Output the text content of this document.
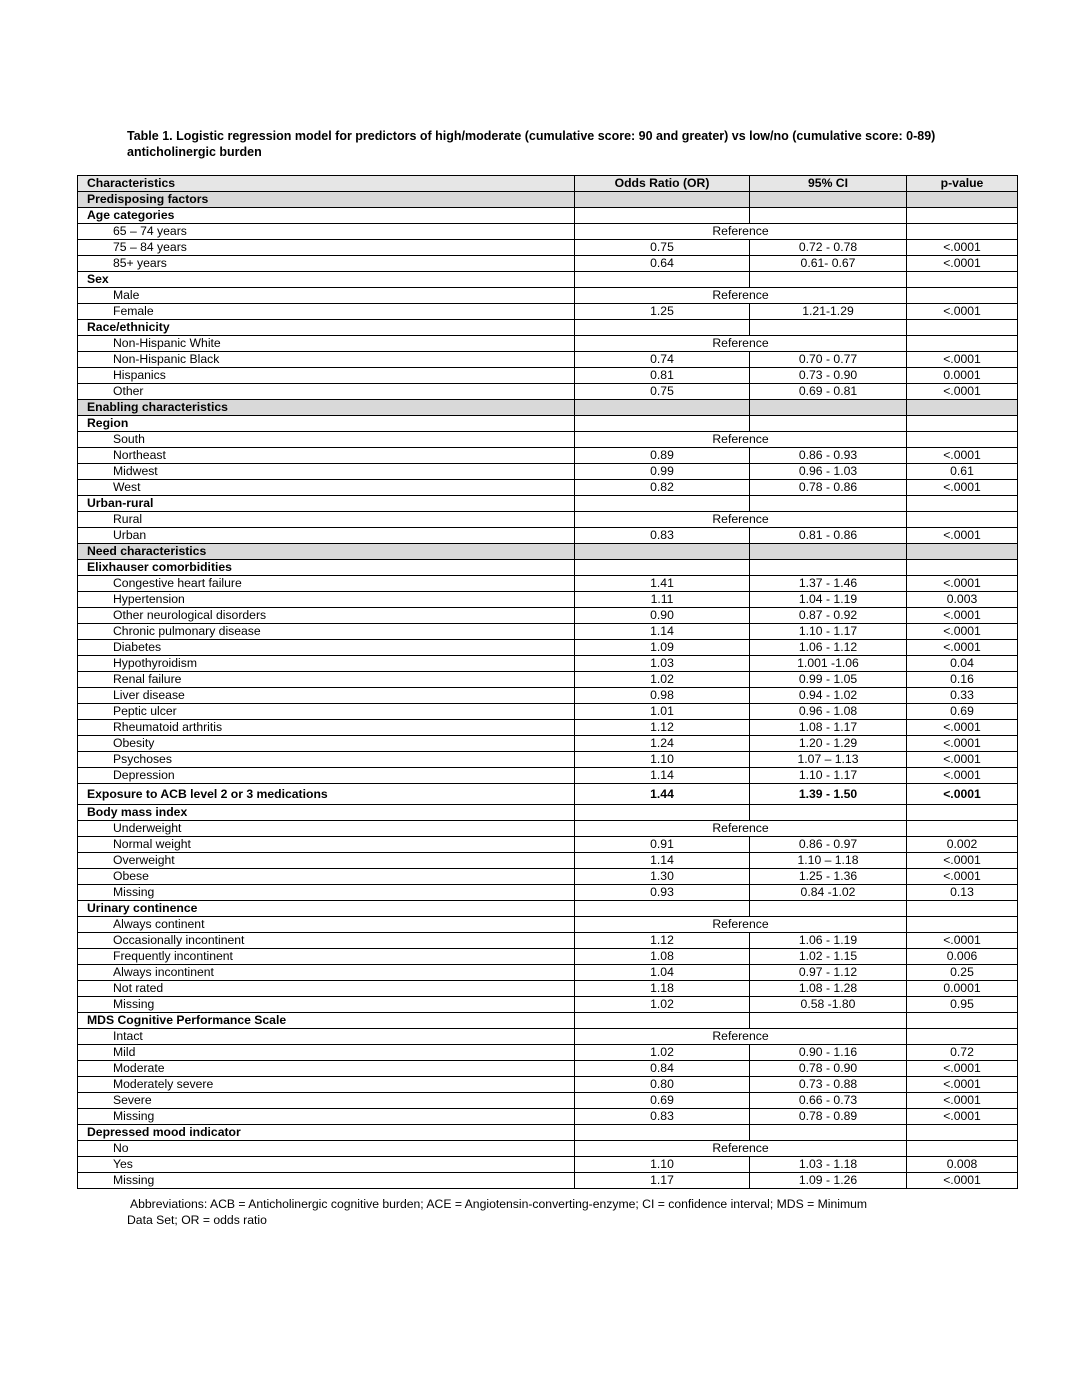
Table 1. Logistic regression model for predictors of high/moderate (cumulative score: 90 and greater) vs low/no (cumulative score: 0-89) anticholinergic burden
Characteristics	Odds Ratio (OR)	95% CI	p-value
Predisposing factors			
Age categories			
65 – 74 years	Reference		
75 – 84 years	0.75	0.72 - 0.78	<.0001
85+ years	0.64	0.61- 0.67	<.0001
Sex			
Male	Reference		
Female	1.25	1.21-1.29	<.0001
Race/ethnicity			
Non-Hispanic White	Reference		
Non-Hispanic Black	0.74	0.70 - 0.77	<.0001
Hispanics	0.81	0.73 - 0.90	0.0001
Other	0.75	0.69 - 0.81	<.0001
Enabling characteristics			
Region			
South	Reference		
Northeast	0.89	0.86 - 0.93	<.0001
Midwest	0.99	0.96 - 1.03	0.61
West	0.82	0.78 - 0.86	<.0001
Urban-rural			
Rural	Reference		
Urban	0.83	0.81 - 0.86	<.0001
Need characteristics			
Elixhauser comorbidities			
Congestive heart failure	1.41	1.37 - 1.46	<.0001
Hypertension	1.11	1.04 - 1.19	0.003
Other neurological disorders	0.90	0.87 - 0.92	<.0001
Chronic pulmonary disease	1.14	1.10 - 1.17	<.0001
Diabetes	1.09	1.06 - 1.12	<.0001
Hypothyroidism	1.03	1.001 -1.06	0.04
Renal failure	1.02	0.99 - 1.05	0.16
Liver disease	0.98	0.94 - 1.02	0.33
Peptic ulcer	1.01	0.96 - 1.08	0.69
Rheumatoid arthritis	1.12	1.08 - 1.17	<.0001
Obesity	1.24	1.20 - 1.29	<.0001
Psychoses	1.10	1.07 – 1.13	<.0001
Depression	1.14	1.10 - 1.17	<.0001
Exposure to ACB level 2 or 3 medications	1.44	1.39 - 1.50	<.0001
Body mass index			
Underweight	Reference		
Normal weight	0.91	0.86 - 0.97	0.002
Overweight	1.14	1.10 – 1.18	<.0001
Obese	1.30	1.25 - 1.36	<.0001
Missing	0.93	0.84 -1.02	0.13
Urinary continence			
Always continent	Reference		
Occasionally incontinent	1.12	1.06 - 1.19	<.0001
Frequently incontinent	1.08	1.02 - 1.15	0.006
Always incontinent	1.04	0.97 - 1.12	0.25
Not rated	1.18	1.08 - 1.28	0.0001
Missing	1.02	0.58 -1.80	0.95
MDS Cognitive Performance Scale			
Intact	Reference		
Mild	1.02	0.90 - 1.16	0.72
Moderate	0.84	0.78 - 0.90	<.0001
Moderately severe	0.80	0.73 - 0.88	<.0001
Severe	0.69	0.66 - 0.73	<.0001
Missing	0.83	0.78 - 0.89	<.0001
Depressed mood indicator			
No	Reference		
Yes	1.10	1.03 - 1.18	0.008
Missing	1.17	1.09 - 1.26	<.0001
Abbreviations: ACB = Anticholinergic cognitive burden; ACE = Angiotensin-converting-enzyme; CI = confidence interval; MDS = Minimum
Data Set; OR = odds ratio
